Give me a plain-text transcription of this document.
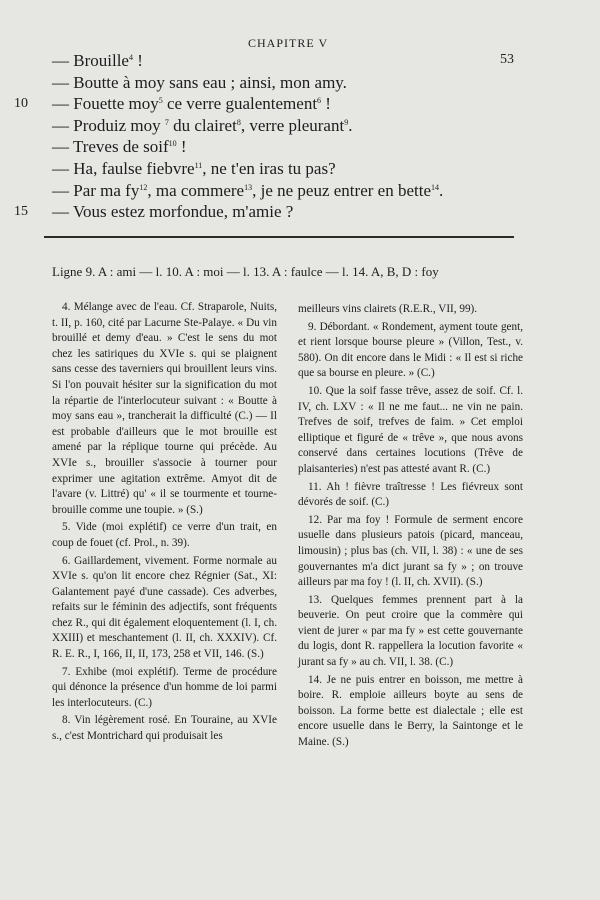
CHAPITRE V
53
— Brouille$^4$ !
— Boutte à moy sans eau ; ainsi, mon amy.
10 — Fouette moy$^5$ ce verre gualentement$^6$ !
— Produiz moy $^7$ du clairet$^8$, verre pleurant$^9$.
— Treves de soif$^{10}$ !
— Ha, faulse fiebvre$^{11}$, ne t'en iras tu pas?
— Par ma $fy^{12}$, ma commere$^{13}$, je ne peuz entrer en bette$^{14}$.
15 — Vous estez morfondue, m'amie ?
Ligne 9. A : ami — l. 10. A : moi — l. 13. A : faulce — l. 14. A, B, D : foy

4. Mélange avec de l'eau. Cf. Straparole, Nuits, t. II, p. 160, cité par Lacurne Ste-Palaye. « Du vin brouillé et demy d'eau. » C'est le sens du mot chez les satiriques du XVIe s. qui se plaignent sans cesse des taverniers qui brouillent leurs vins. Si l'on pouvait hésiter sur la signification du mot la répartie de l'interlocuteur suivant : « Boutte à moy sans eau », trancherait la difficulté (C.) — Il est probable d'ailleurs que le mot brouille est amené par la réplique tourne qui précède. Au XVIe s., brouiller s'associe à tourner pour exprimer une agitation extrême. Amyot dit de l'avare (v. Littré) qu' « il se tourmente et tourne-brouille comme une toupie. » (S.)

5. Vide (moi explétif) ce verre d'un trait, en coup de fouet (cf. Prol., n. 39).

6. Gaillardement, vivement. Forme normale au XVIe s. qu'on lit encore chez Régnier (Sat., XI: Galantement payé d'une cassade). Ces adverbes, refaits sur le féminin des adjectifs, sont fréquents chez R., qui dit également eloquentement (l. I, ch. XXIII) et meschantement (l. II, ch. XXXIV). Cf. R. E. R., I, 166, II, II, 173, 258 et VII, 146. (S.)

7. Exhibe (moi explétif). Terme de procédure qui dénonce la présence d'un homme de loi parmi les interlocuteurs. (C.)

8. Vin légèrement rosé. En Touraine, au XVIe s., c'est Montrichard qui produisait les

meilleurs vins clairets (R.E.R., VII, 99).

9. Débordant. « Rondement, ayment toute gent, et rient lorsque bourse pleure » (Villon, Test., v. 580). On dit encore dans le Midi : « Il est si riche que sa bourse en pleure. » (C.)

10. Que la soif fasse trêve, assez de soif. Cf. l. IV, ch. LXV : « Il ne me faut... ne vin ne pain. Trefves de soif, trefves de faim. » Cet emploi elliptique et figuré de « trêve », que nous avons conservé dans certaines locutions (Trêve de plaisanteries) n'est pas attesté avant R. (C.)

11. Ah ! fièvre traîtresse ! Les fiévreux sont dévorés de soif. (C.)

12. Par ma foy ! Formule de serment encore usuelle dans plusieurs patois (picard, manceau, limousin) ; plus bas (ch. VII, l. 38) : « une de ses gouvernantes m'a dict jurant sa fy » ; on trouve ailleurs par ma foy ! (l. II, ch. XVII). (S.)

13. Quelques femmes prennent part à la beuverie. On peut croire que la commère qui vient de jurer « par ma fy » est cette gouvernante du logis, dont R. rappellera la locution favorite « jurant sa fy » au ch. VII, l. 38. (C.)

14. Je ne puis entrer en boisson, me mettre à boire. R. emploie ailleurs boyte au sens de boisson. La forme bette est dialectale ; elle est encore usuelle dans le Berry, la Saintonge et le Maine. (S.)
